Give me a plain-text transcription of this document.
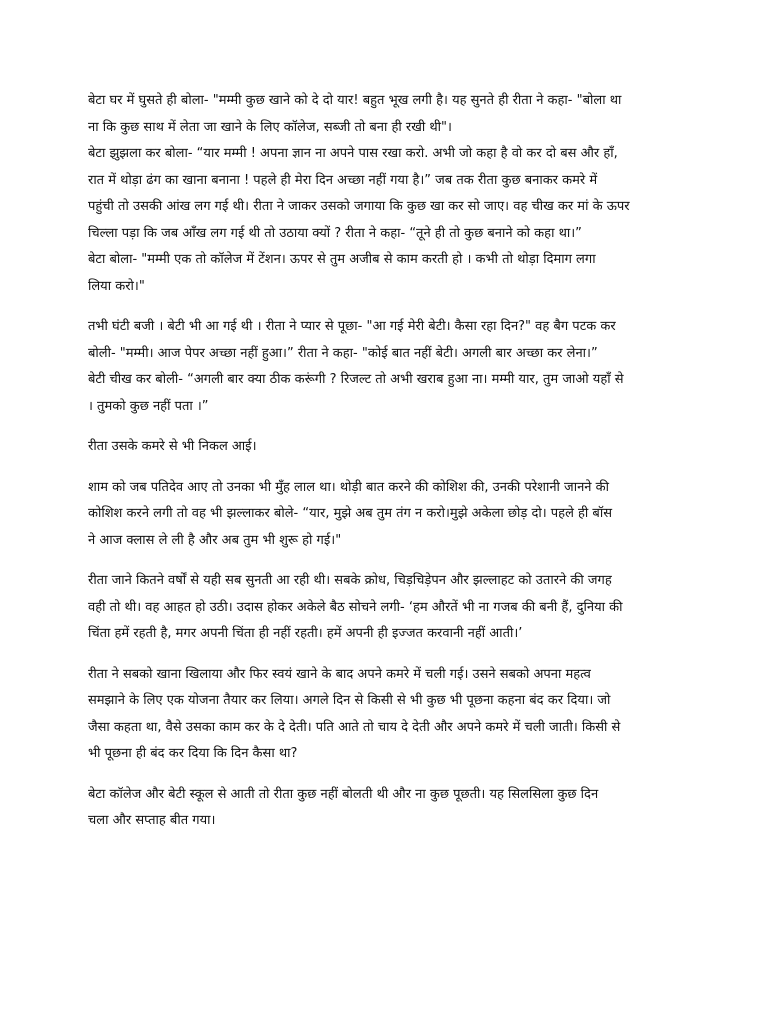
बेटा घर में घुसते ही बोला- "मम्मी कुछ खाने को दे दो यार! बहुत भूख लगी है। यह सुनते ही रीता ने कहा- "बोला था
ना कि कुछ साथ में लेता जा खाने के लिए कॉलेज, सब्जी तो बना ही रखी थी"।
बेटा झुझला कर बोला- “यार मम्मी ! अपना ज्ञान ना अपने पास रखा करो. अभी जो कहा है वो कर दो बस और हाँ,
रात में थोड़ा ढंग का खाना बनाना ! पहले ही मेरा दिन अच्छा नहीं गया है।” जब तक रीता कुछ बनाकर कमरे में
पहुंची तो उसकी आंख लग गई थी। रीता ने जाकर उसको जगाया कि कुछ खा कर सो जाए। वह चीख कर मां के ऊपर
चिल्ला पड़ा कि जब आँख लग गई थी तो उठाया क्यों ? रीता ने कहा- “तूने ही तो कुछ बनाने को कहा था।”
बेटा बोला- "मम्मी एक तो कॉलेज में टेंशन। ऊपर से तुम अजीब से काम करती हो । कभी तो थोड़ा दिमाग लगा
लिया करो।"

तभी घंटी बजी । बेटी भी आ गई थी । रीता ने प्यार से पूछा- "आ गई मेरी बेटी। कैसा रहा दिन?" वह बैग पटक कर
बोली- "मम्मी। आज पेपर अच्छा नहीं हुआ।” रीता ने कहा- "कोई बात नहीं बेटी। अगली बार अच्छा कर लेना।”
बेटी चीख कर बोली- “अगली बार क्या ठीक करूंगी ? रिजल्ट तो अभी खराब हुआ ना। मम्मी यार, तुम जाओ यहाँ से
। तुमको कुछ नहीं पता ।”

रीता उसके कमरे से भी निकल आई।

शाम को जब पतिदेव आए तो उनका भी मुँह लाल था। थोड़ी बात करने की कोशिश की, उनकी परेशानी जानने की
कोशिश करने लगी तो वह भी झल्लाकर बोले- “यार, मुझे अब तुम तंग न करो।मुझे अकेला छोड़ दो। पहले ही बॉस
ने आज क्लास ले ली है और अब तुम भी शुरू हो गई।"

रीता जाने कितने वर्षों से यही सब सुनती आ रही थी। सबके क्रोध, चिड़चिड़ेपन और झल्लाहट को उतारने की जगह
वही तो थी। वह आहत हो उठी। उदास होकर अकेले बैठ सोचने लगी- ‘हम औरतें भी ना गजब की बनी हैं, दुनिया की
चिंता हमें रहती है, मगर अपनी चिंता ही नहीं रहती। हमें अपनी ही इज्जत करवानी नहीं आती।’

रीता ने सबको खाना खिलाया और फिर स्वयं खाने के बाद अपने कमरे में चली गई। उसने सबको अपना महत्व
समझाने के लिए एक योजना तैयार कर लिया। अगले दिन से किसी से भी कुछ भी पूछना कहना बंद कर दिया। जो
जैसा कहता था, वैसे उसका काम कर के दे देती। पति आते तो चाय दे देती और अपने कमरे में चली जाती। किसी से
भी पूछना ही बंद कर दिया कि दिन कैसा था?

बेटा कॉलेज और बेटी स्कूल से आती तो रीता कुछ नहीं बोलती थी और ना कुछ पूछती। यह सिलसिला कुछ दिन
चला और सप्ताह बीत गया।
